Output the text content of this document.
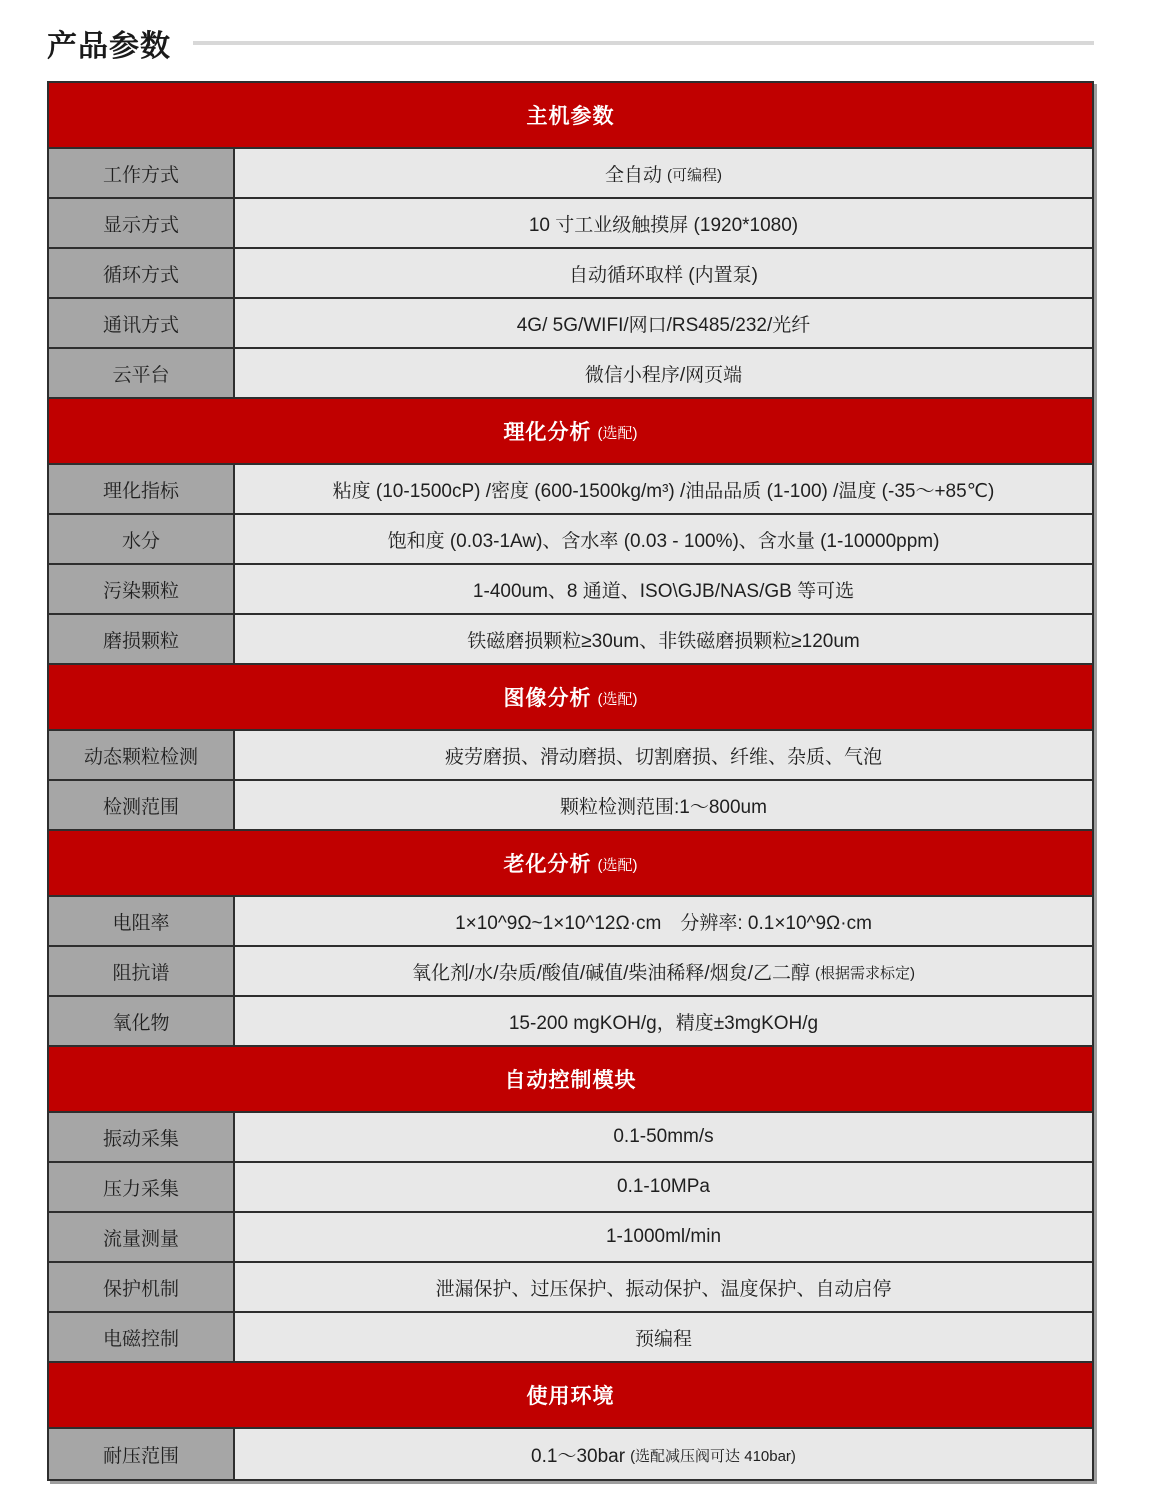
产品参数
主机参数
工作方式	全自动 (可编程)
显示方式	10 寸工业级触摸屏 (1920*1080)
循环方式	自动循环取样 (内置泵)
通讯方式	4G/ 5G/WIFI/网口/RS485/232/光纤
云平台	微信小程序/网页端
理化分析 (选配)
理化指标	粘度 (10-1500cP) /密度 (600-1500kg/m³) /油品品质 (1-100) /温度 (-35～+85℃)
水分	饱和度 (0.03-1Aw)、含水率 (0.03 - 100%)、含水量 (1-10000ppm)
污染颗粒	1-400um、8 通道、ISO\GJB/NAS/GB 等可选
磨损颗粒	铁磁磨损颗粒≥30um、非铁磁磨损颗粒≥120um
图像分析 (选配)
动态颗粒检测	疲劳磨损、滑动磨损、切割磨损、纤维、杂质、气泡
检测范围	颗粒检测范围:1～800um
老化分析 (选配)
电阻率	1×10^9Ω~1×10^12Ω·cm　分辨率: 0.1×10^9Ω·cm
阻抗谱	氧化剂/水/杂质/酸值/碱值/柴油稀释/烟炱/乙二醇 (根据需求标定)
氧化物	15-200 mgKOH/g，精度±3mgKOH/g
自动控制模块
振动采集	0.1-50mm/s
压力采集	0.1-10MPa
流量测量	1-1000ml/min
保护机制	泄漏保护、过压保护、振动保护、温度保护、自动启停
电磁控制	预编程
使用环境
耐压范围	0.1～30bar (选配减压阀可达 410bar)
